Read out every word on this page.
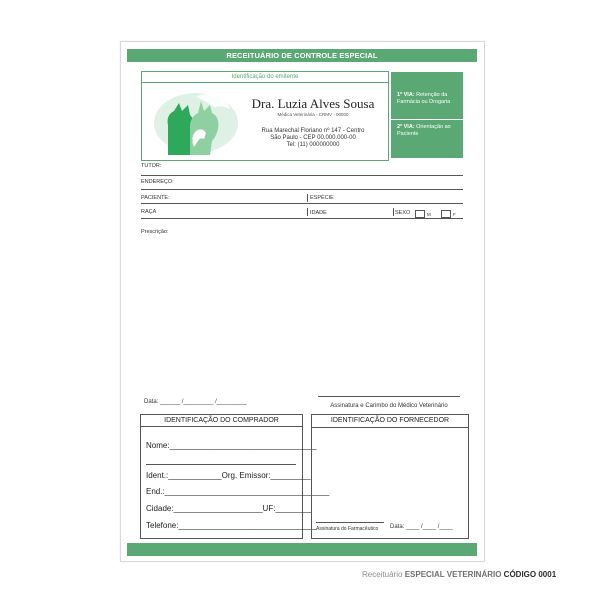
RECEITUÁRIO DE CONTROLE ESPECIAL
Identificação do emitente
Dra. Luzia Alves Sousa
Médica Veterinária - CRMV - 00000
Rua Marechal Floriano nº 147 - Centro
São Paulo - CEP 00.000.000-00
Tel: (11) 000000000
1ª VIA: Retenção da Farmácia ou Drogaria
2ª VIA: Orientação ao Paciente
TUTOR:
ENDEREÇO:
PACIENTE:	ESPÉCIE
RAÇA	IDADE	SEXO	M	F
Prescrição:
Data: ______ /_________ /_________
Assinatura e Carimbo do Médico Veterinário
IDENTIFICAÇÃO DO COMPRADOR
Nome:_________________________________
Ident.:____________Org. Emissor:_________
End.:_____________________________________
Cidade:____________________UF:________
Telefone:_______________________________
IDENTIFICAÇÃO DO FORNECEDOR
Assinatura do Farmacêutico Data: ____ /____ /____
Receituário ESPECIAL VETERINÁRIO CÓDIGO 0001
